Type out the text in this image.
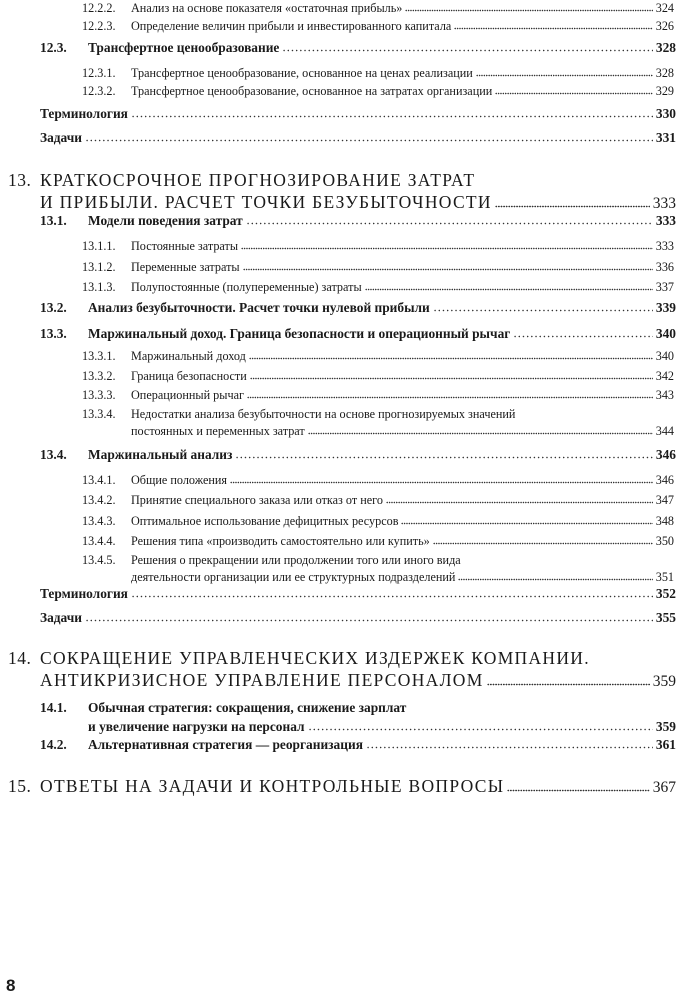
12.2.2. Анализ на основе показателя «остаточная прибыль»	324
12.2.3. Определение величин прибыли и инвестированного капитала	326
12.3. Трансфертное ценообразование	328
12.3.1. Трансфертное ценообразование, основанное на ценах реализации	328
12.3.2. Трансфертное ценообразование, основанное на затратах организации	329
Терминология	330
Задачи	331
13. КРАТКОСРОЧНОЕ ПРОГНОЗИРОВАНИЕ ЗАТРАТ
И ПРИБЫЛИ. РАСЧЕТ ТОЧКИ БЕЗУБЫТОЧНОСТИ	333
13.1. Модели поведения затрат	333
13.1.1. Постоянные затраты	333
13.1.2. Переменные затраты	336
13.1.3. Полупостоянные (полупеременные) затраты	337
13.2. Анализ безубыточности. Расчет точки нулевой прибыли	339
13.3. Маржинальный доход. Граница безопасности и операционный рычаг	340
13.3.1. Маржинальный доход	340
13.3.2. Граница безопасности	342
13.3.3. Операционный рычаг	343
13.3.4. Недостатки анализа безубыточности на основе прогнозируемых значений
постоянных и переменных затрат	344
13.4. Маржинальный анализ	346
13.4.1. Общие положения	346
13.4.2. Принятие специального заказа или отказ от него	347
13.4.3. Оптимальное использование дефицитных ресурсов	348
13.4.4. Решения типа «производить самостоятельно или купить»	350
13.4.5. Решения о прекращении или продолжении того или иного вида
деятельности организации или ее структурных подразделений	351
Терминология	352
Задачи	355
14. СОКРАЩЕНИЕ УПРАВЛЕНЧЕСКИХ ИЗДЕРЖЕК КОМПАНИИ.
АНТИКРИЗИСНОЕ УПРАВЛЕНИЕ ПЕРСОНАЛОМ	359
14.1. Обычная стратегия: сокращения, снижение зарплат
и увеличение нагрузки на персонал	359
14.2. Альтернативная стратегия — реорганизация	361
15. ОТВЕТЫ НА ЗАДАЧИ И КОНТРОЛЬНЫЕ ВОПРОСЫ	367
8
